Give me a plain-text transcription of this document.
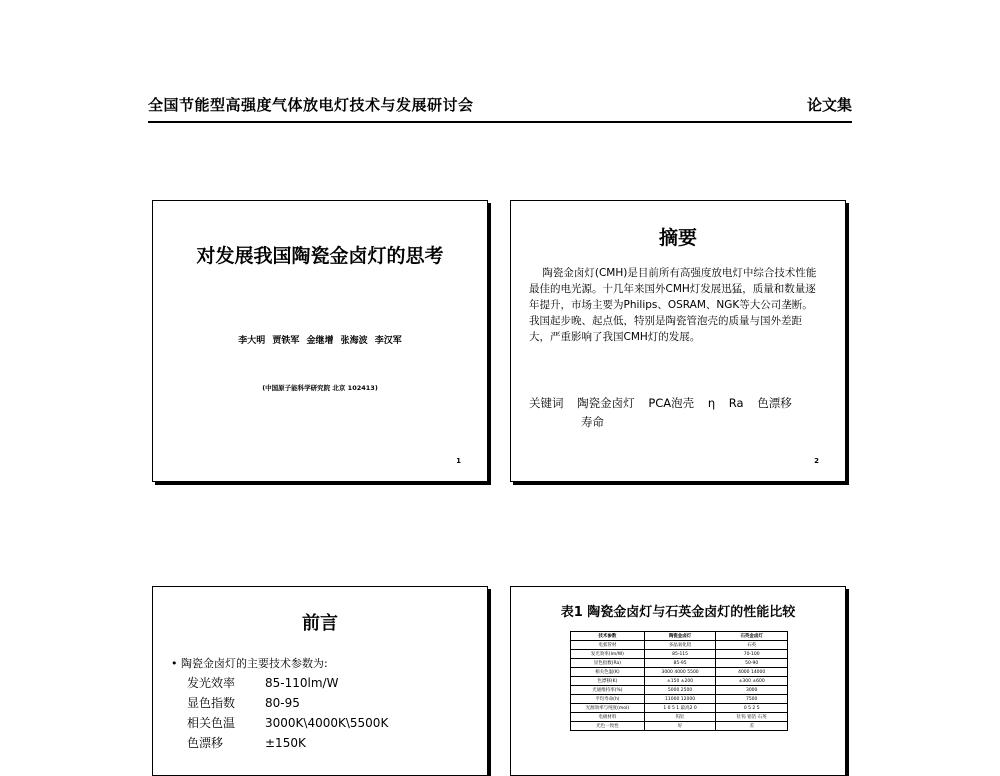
全国节能型高强度气体放电灯技术与发展研讨会	论文集
对发展我国陶瓷金卤灯的思考
李大明 贾铁军 金继增 张海波 李汉军
(中国原子能科学研究院 北京 102413)
1
摘要
陶瓷金卤灯(CMH)是目前所有高强度放电灯中综合技术性能最佳的电光源。十几年来国外CMH灯发展迅猛，质量和数量逐年提升，市场主要为Philips、OSRAM、NGK等大公司垄断。我国起步晚、起点低，特别是陶瓷管泡壳的质量与国外差距大，严重影响了我国CMH灯的发展。
关键词 陶瓷金卤灯 PCA泡壳 η Ra 色漂移
寿命
2
前言
• 陶瓷金卤灯的主要技术参数为:
发光效率 85-110lm/W
显色指数 80-95
相关色温 3000K\4000K\5500K
色漂移	±150K
表1 陶瓷金卤灯与石英金卤灯的性能比较
技术参数	陶瓷金卤灯	石英金卤灯
电弧管材	多晶氧化铝	石英
发光效率(lm/W)	85-115	70-100
显色指数(Ra)	85-95	50-90
相关色温(K)	3000 4000 5500	4000 14000
色漂移(K)	±150 ±200	±300 ±600
光通维持率(%)	5000 2500	3000
平均寿命(h)	11000 12000	7500
光源效率与纯度(mol)	1 0 5 1 最高2 0	0 5 2 5
电极材料	钨钍	钍钨 钼箔 石英
光色一致性	好	差
